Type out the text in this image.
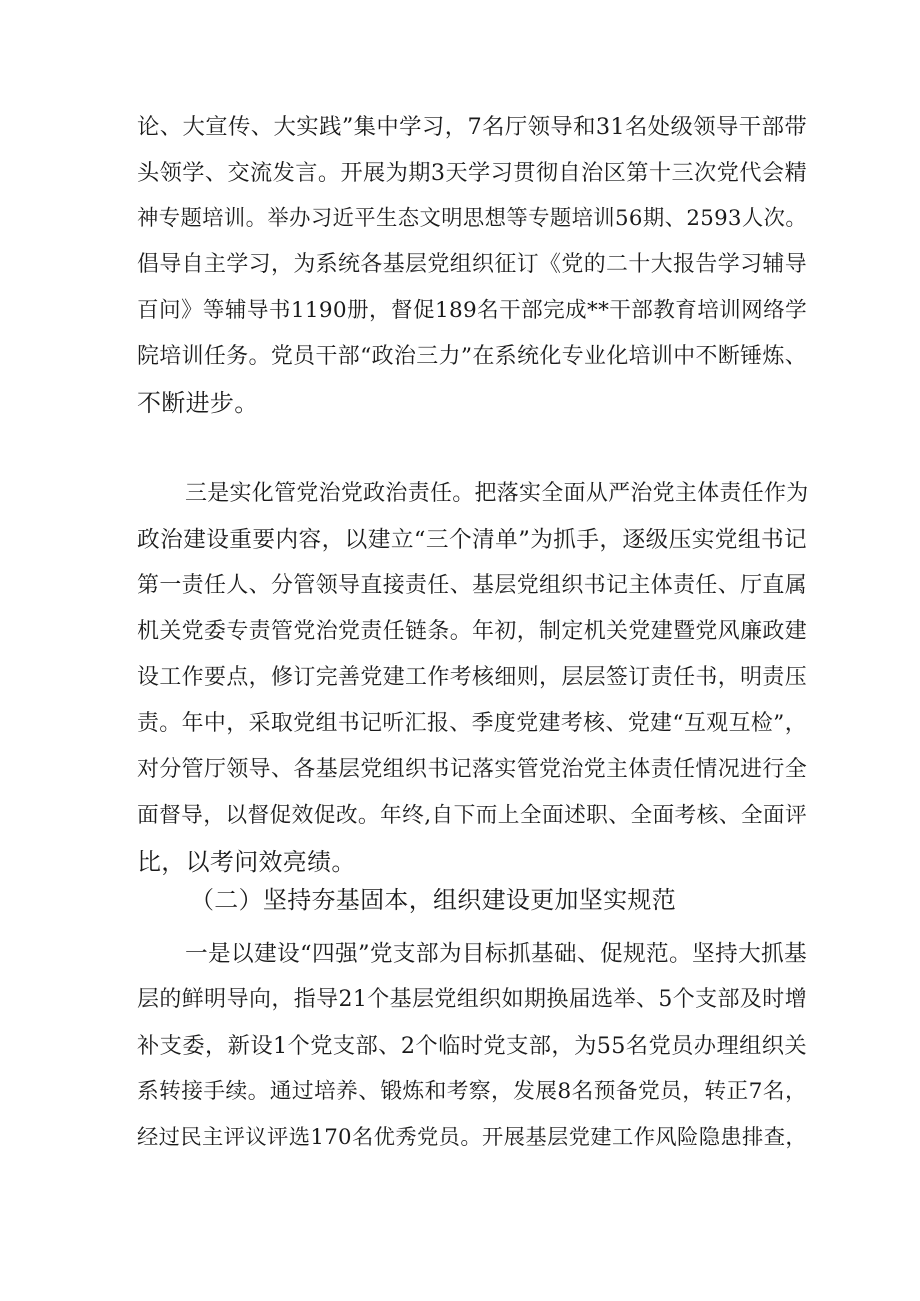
论、大宣传、大实践”集中学习，7名厅领导和31名处级领导干部带
头领学、交流发言。开展为期3天学习贯彻自治区第十三次党代会精
神专题培训。举办习近平生态文明思想等专题培训56期、2593人次。
倡导自主学习，为系统各基层党组织征订《党的二十大报告学习辅导
百问》等辅导书1190册，督促189名干部完成**干部教育培训网络学
院培训任务。党员干部“政治三力”在系统化专业化培训中不断锤炼、
不断进步。
三是实化管党治党政治责任。把落实全面从严治党主体责任作为
政治建设重要内容，以建立“三个清单”为抓手，逐级压实党组书记
第一责任人、分管领导直接责任、基层党组织书记主体责任、厅直属
机关党委专责管党治党责任链条。年初，制定机关党建暨党风廉政建
设工作要点，修订完善党建工作考核细则，层层签订责任书，明责压
责。年中，采取党组书记听汇报、季度党建考核、党建“互观互检”，
对分管厅领导、各基层党组织书记落实管党治党主体责任情况进行全
面督导，以督促效促改。年终,自下而上全面述职、全面考核、全面评
比，以考问效亮绩。
（二）坚持夯基固本，组织建设更加坚实规范
一是以建设“四强”党支部为目标抓基础、促规范。坚持大抓基
层的鲜明导向，指导21个基层党组织如期换届选举、5个支部及时增
补支委，新设1个党支部、2个临时党支部，为55名党员办理组织关
系转接手续。通过培养、锻炼和考察，发展8名预备党员，转正7名，
经过民主评议评选170名优秀党员。开展基层党建工作风险隐患排查，
